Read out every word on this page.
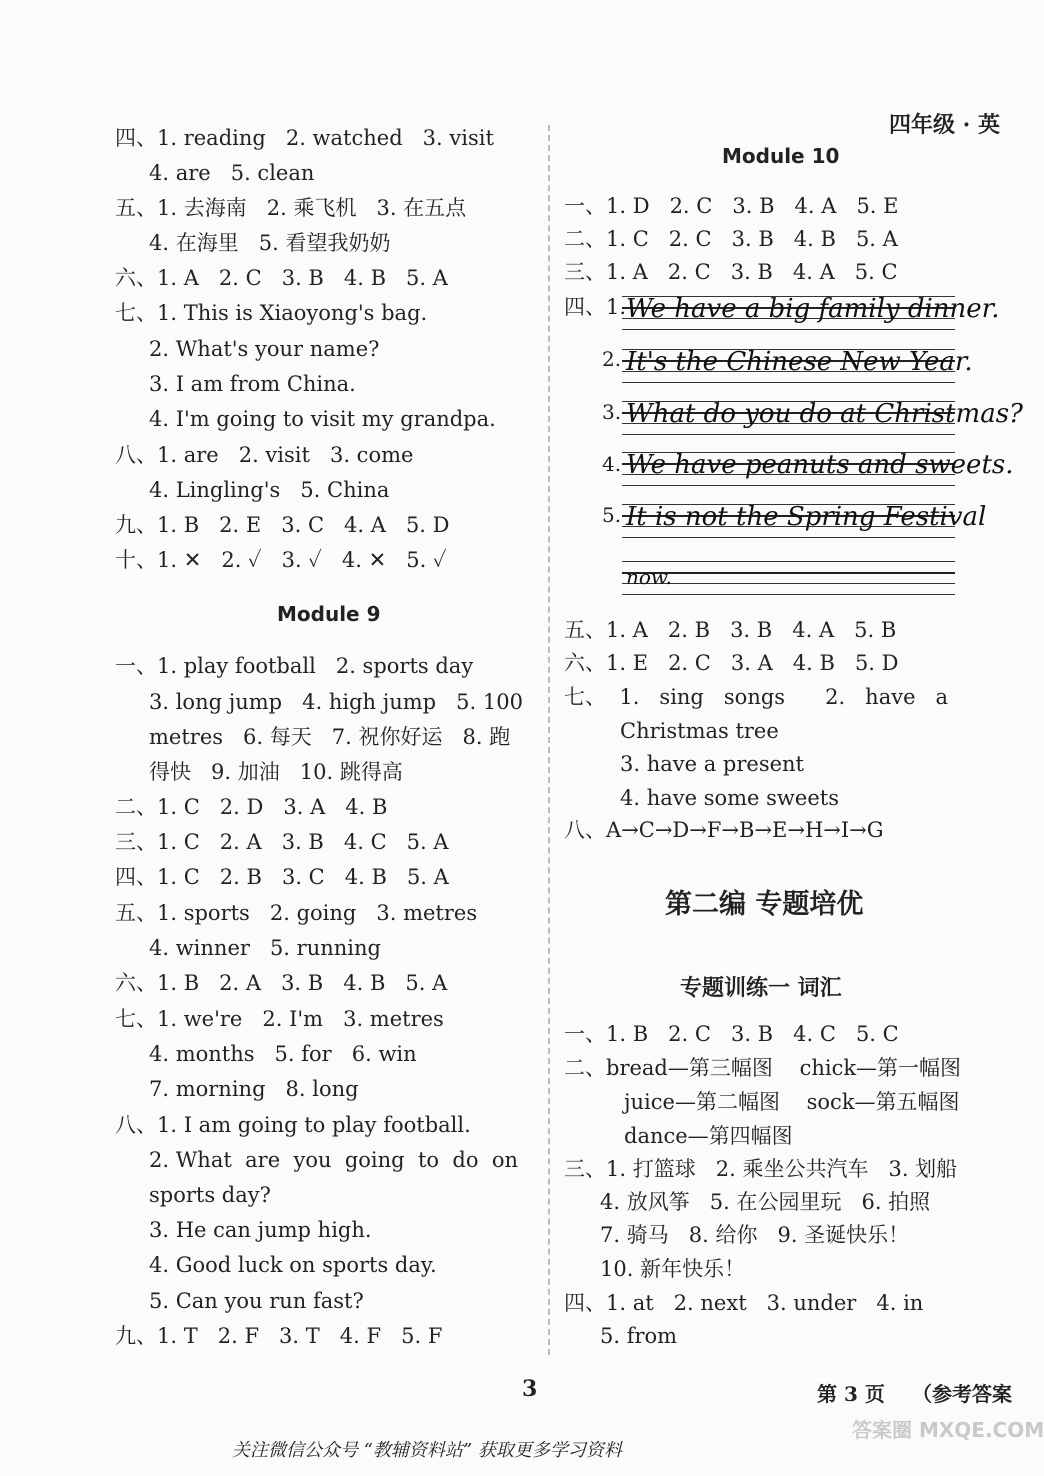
四年级 · 英
四、1. reading   2. watched   3. visit
4. are   5. clean
五、1. 去海南   2. 乘飞机   3. 在五点
4. 在海里   5. 看望我奶奶
六、1. A   2. C   3. B   4. B   5. A
七、1. This is Xiaoyong's bag.
2. What's your name?
3. I am from China.
4. I'm going to visit my grandpa.
八、1. are   2. visit   3. come
4. Lingling's   5. China
九、1. B   2. E   3. C   4. A   5. D
十、1. ✕   2. ✓   3. ✓   4. ✕   5. ✓
Module 9
一、1. play football   2. sports day
3. long jump   4. high jump   5. 100
metres   6. 每天   7. 祝你好运   8. 跑
得快   9. 加油   10. 跳得高
二、1. C   2. D   3. A   4. B
三、1. C   2. A   3. B   4. C   5. A
四、1. C   2. B   3. C   4. B   5. A
五、1. sports   2. going   3. metres
4. winner   5. running
六、1. B   2. A   3. B   4. B   5. A
七、1. we're   2. I'm   3. metres
4. months   5. for   6. win
7. morning   8. long
八、1. I am going to play football.
2. What  are  you  going  to  do  on
sports day?
3. He can jump high.
4. Good luck on sports day.
5. Can you run fast?
九、1. T   2. F   3. T   4. F   5. F
Module 10
一、1. D   2. C   3. B   4. A   5. E
二、1. C   2. C   3. B   4. B   5. A
三、1. A   2. C   3. B   4. A   5. C
四、1. We have a big family dinner.
2. It's the Chinese New Year.
3. What do you do at Christmas?
4. We have peanuts and sweets.
5. It is not the Spring Festival
now.
五、1. A   2. B   3. B   4. A   5. B
六、1. E   2. C   3. A   4. B   5. D
七、  1.   sing   songs      2.   have   a
Christmas tree
3. have a present
4. have some sweets
八、A→C→D→F→B→E→H→I→G
第二编 专题培优
专题训练一 词汇
一、1. B   2. C   3. B   4. C   5. C
二、bread—第三幅图    chick—第一幅图
juice—第二幅图    sock—第五幅图
dance—第四幅图
三、1. 打篮球   2. 乘坐公共汽车   3. 划船
4. 放风筝   5. 在公园里玩   6. 拍照
7. 骑马   8. 给你   9. 圣诞快乐！
10. 新年快乐！
四、1. at   2. next   3. under   4. in
5. from
3	第 3 页 （参考答案
关注微信公众号 “教辅资料站” 获取更多学习资料
答案圈 MXQE.COM
